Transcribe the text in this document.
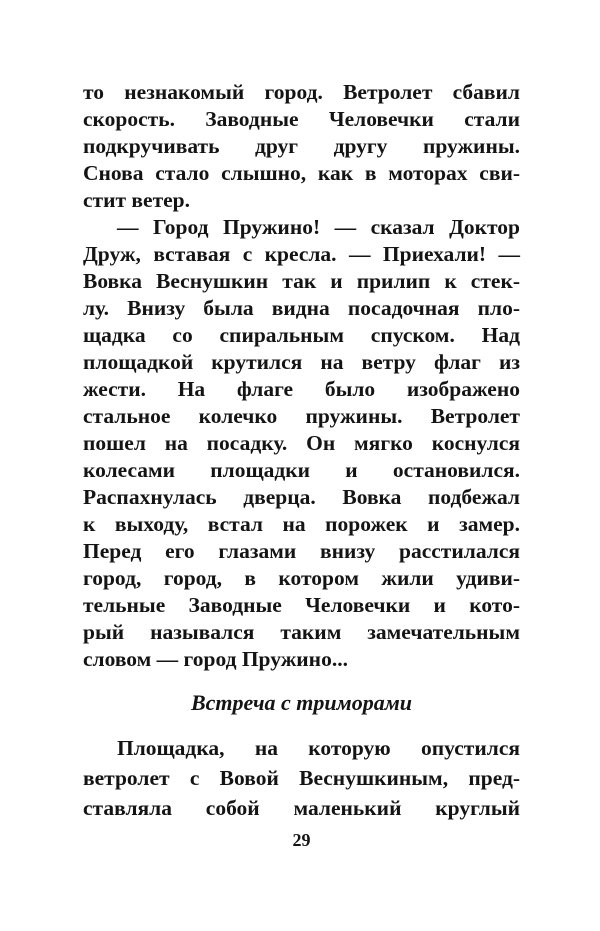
Встреча с триморами
Площадка, на которую опустился
ветролет с Вовой Веснушкиным, пред-
ставляла собой маленький круглый
29
то незнакомый город. Ветролет сбавил
скорость. Заводные Человечки стали
подкручивать друг другу пружины.
Снова стало слышно, как в моторах сви-
стит ветер.
— Город Пружино! — сказал Доктор
Друж, вставая с кресла. — Приехали! —
Вовка Веснушкин так и прилип к стек-
лу. Внизу была видна посадочная пло-
щадка со спиральным спуском. Над
площадкой крутился на ветру флаг из
жести. На флаге было изображено
стальное колечко пружины. Ветролет
пошел на посадку. Он мягко коснулся
колесами площадки и остановился.
Распахнулась дверца. Вовка подбежал
к выходу, встал на порожек и замер.
Перед его глазами внизу расстилался
город, город, в котором жили удиви-
тельные Заводные Человечки и кото-
рый назывался таким замечательным
словом — город Пружино...
